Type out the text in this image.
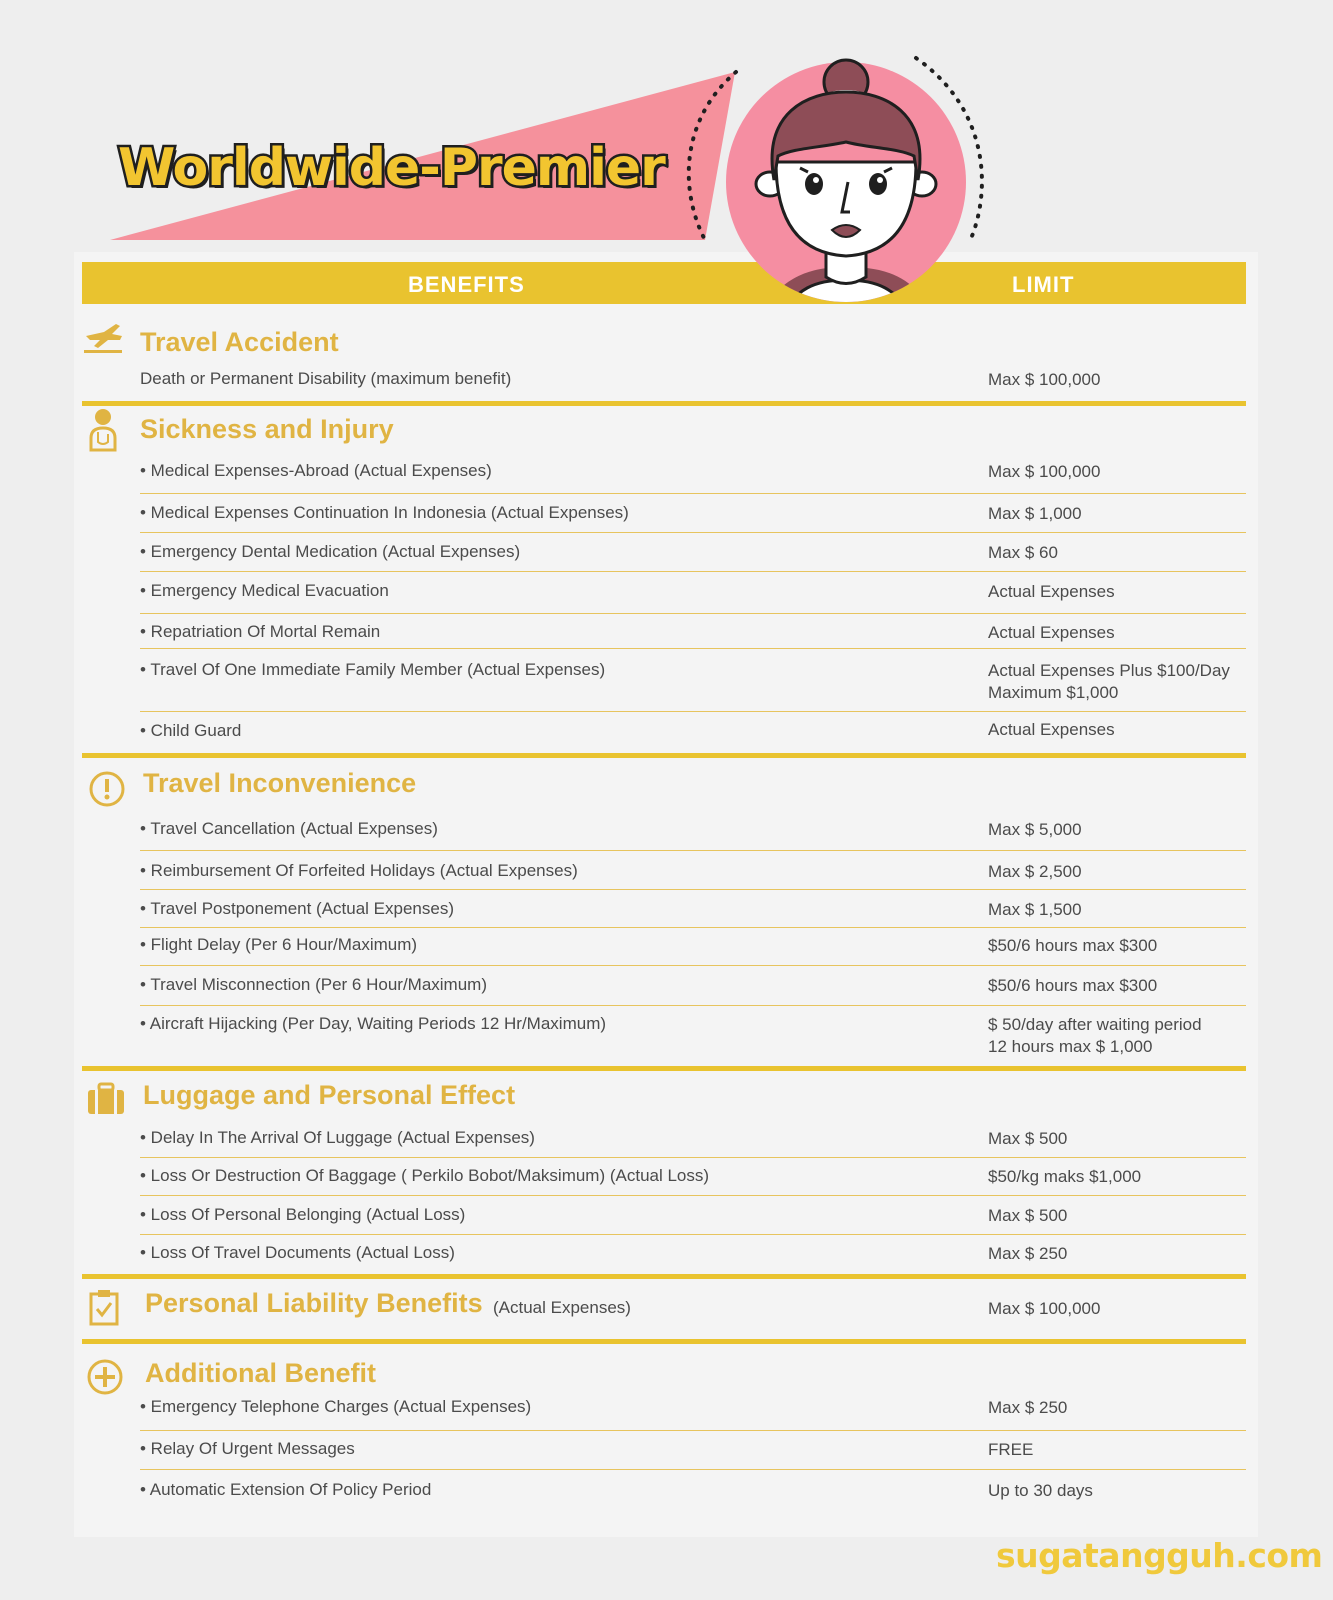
Worldwide-Premier
BENEFITS	LIMIT
Travel Accident
Sickness and Injury
Travel Inconvenience
Luggage and Personal Effect
Personal Liability Benefits (Actual Expenses)	Max $ 100,000
Additional Benefit
Death or Permanent Disability (maximum benefit)	Max $ 100,000
• Medical Expenses-Abroad (Actual Expenses)	Max $ 100,000
• Medical Expenses Continuation In Indonesia (Actual Expenses)	Max $ 1,000
• Emergency Dental Medication (Actual Expenses)	Max $ 60
• Emergency Medical Evacuation	Actual Expenses
• Repatriation Of Mortal Remain	Actual Expenses
• Travel Of One Immediate Family Member (Actual Expenses)	Actual Expenses Plus $100/Day
Maximum $1,000
• Child Guard	Actual Expenses
• Travel Cancellation (Actual Expenses)	Max $ 5,000
• Reimbursement Of Forfeited Holidays (Actual Expenses)	Max $ 2,500
• Travel Postponement (Actual Expenses)	Max $ 1,500
• Flight Delay (Per 6 Hour/Maximum)	$50/6 hours max $300
• Travel Misconnection (Per 6 Hour/Maximum)	$50/6 hours max $300
• Aircraft Hijacking (Per Day, Waiting Periods 12 Hr/Maximum)	$ 50/day after waiting period
12 hours max $ 1,000
• Delay In The Arrival Of Luggage (Actual Expenses)	Max $ 500
• Loss Or Destruction Of Baggage ( Perkilo Bobot/Maksimum) (Actual Loss)	$50/kg maks $1,000
• Loss Of Personal Belonging (Actual Loss)	Max $ 500
• Loss Of Travel Documents (Actual Loss)	Max $ 250
• Emergency Telephone Charges (Actual Expenses)	Max $ 250
• Relay Of Urgent Messages	FREE
• Automatic Extension Of Policy Period	Up to 30 days
sugatangguh.com
